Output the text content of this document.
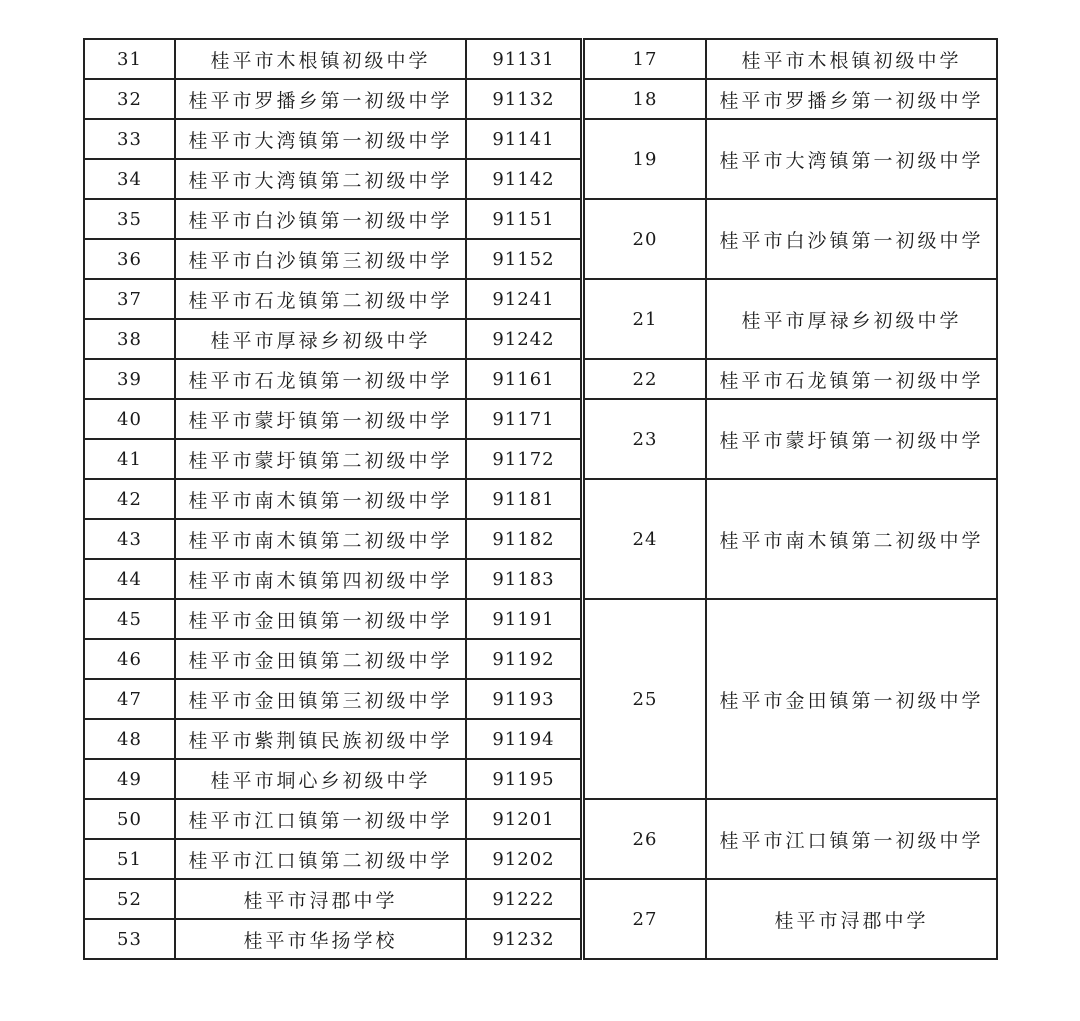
31	桂平市木根镇初级中学	91131		17	桂平市木根镇初级中学
32	桂平市罗播乡第一初级中学	91132		18	桂平市罗播乡第一初级中学
33	桂平市大湾镇第一初级中学	91141		19	桂平市大湾镇第一初级中学
34	桂平市大湾镇第二初级中学	91142			
35	桂平市白沙镇第一初级中学	91151		20	桂平市白沙镇第一初级中学
36	桂平市白沙镇第三初级中学	91152			
37	桂平市石龙镇第二初级中学	91241		21	桂平市厚禄乡初级中学
38	桂平市厚禄乡初级中学	91242			
39	桂平市石龙镇第一初级中学	91161		22	桂平市石龙镇第一初级中学
40	桂平市蒙圩镇第一初级中学	91171		23	桂平市蒙圩镇第一初级中学
41	桂平市蒙圩镇第二初级中学	91172			
42	桂平市南木镇第一初级中学	91181		24	桂平市南木镇第二初级中学
43	桂平市南木镇第二初级中学	91182			
44	桂平市南木镇第四初级中学	91183			
45	桂平市金田镇第一初级中学	91191		25	桂平市金田镇第一初级中学
46	桂平市金田镇第二初级中学	91192			
47	桂平市金田镇第三初级中学	91193			
48	桂平市紫荆镇民族初级中学	91194			
49	桂平市垌心乡初级中学	91195			
50	桂平市江口镇第一初级中学	91201		26	桂平市江口镇第一初级中学
51	桂平市江口镇第二初级中学	91202			
52	桂平市浔郡中学	91222		27	桂平市浔郡中学
53	桂平市华扬学校	91232			
